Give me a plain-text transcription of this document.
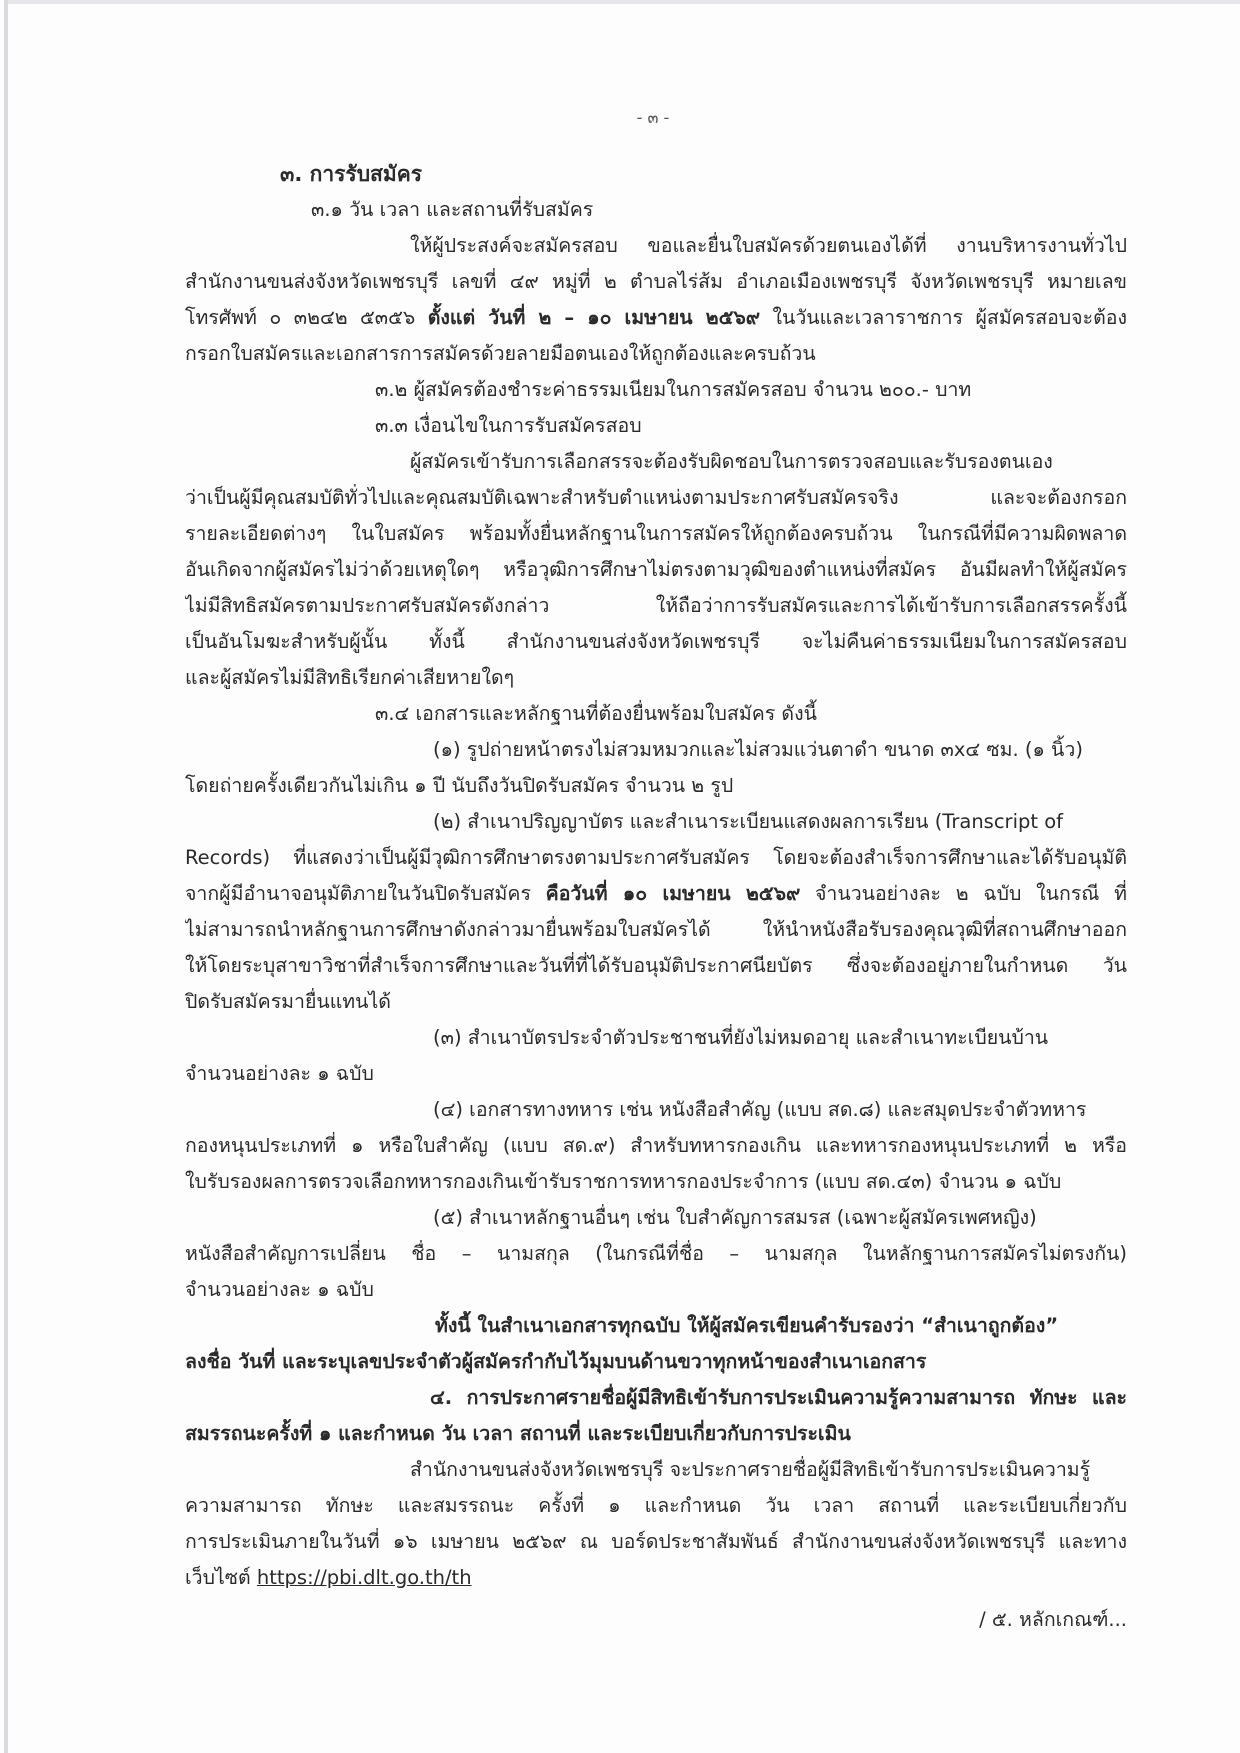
- ๓ -
๓. การรับสมัคร
๓.๑ วัน เวลา และสถานที่รับสมัคร
ให้ผู้ประสงค์จะสมัครสอบ ขอและยื่นใบสมัครด้วยตนเองได้ที่ งานบริหารงานทั่วไป
สำนักงานขนส่งจังหวัดเพชรบุรี เลขที่ ๔๙ หมู่ที่ ๒ ตำบลไร่ส้ม อำเภอเมืองเพชรบุรี จังหวัดเพชรบุรี หมายเลข
โทรศัพท์ ๐ ๓๒๔๒ ๕๓๕๖ ตั้งแต่ วันที่ ๒ – ๑๐ เมษายน ๒๕๖๙ ในวันและเวลาราชการ ผู้สมัครสอบจะต้อง
กรอกใบสมัครและเอกสารการสมัครด้วยลายมือตนเองให้ถูกต้องและครบถ้วน
๓.๒ ผู้สมัครต้องชำระค่าธรรมเนียมในการสมัครสอบ จำนวน ๒๐๐.- บาท
๓.๓ เงื่อนไขในการรับสมัครสอบ
ผู้สมัครเข้ารับการเลือกสรรจะต้องรับผิดชอบในการตรวจสอบและรับรองตนเอง
ว่าเป็นผู้มีคุณสมบัติทั่วไปและคุณสมบัติเฉพาะสำหรับตำแหน่งตามประกาศรับสมัครจริง และจะต้องกรอก
รายละเอียดต่างๆ ในใบสมัคร พร้อมทั้งยื่นหลักฐานในการสมัครให้ถูกต้องครบถ้วน ในกรณีที่มีความผิดพลาด
อันเกิดจากผู้สมัครไม่ว่าด้วยเหตุใดๆ หรือวุฒิการศึกษาไม่ตรงตามวุฒิของตำแหน่งที่สมัคร อันมีผลทำให้ผู้สมัคร
ไม่มีสิทธิสมัครตามประกาศรับสมัครดังกล่าว ให้ถือว่าการรับสมัครและการได้เข้ารับการเลือกสรรครั้งนี้
เป็นอันโมฆะสำหรับผู้นั้น ทั้งนี้ สำนักงานขนส่งจังหวัดเพชรบุรี จะไม่คืนค่าธรรมเนียมในการสมัครสอบ
และผู้สมัครไม่มีสิทธิเรียกค่าเสียหายใดๆ
๓.๔ เอกสารและหลักฐานที่ต้องยื่นพร้อมใบสมัคร ดังนี้
(๑) รูปถ่ายหน้าตรงไม่สวมหมวกและไม่สวมแว่นตาดำ ขนาด ๓x๔ ซม. (๑ นิ้ว)
โดยถ่ายครั้งเดียวกันไม่เกิน ๑ ปี นับถึงวันปิดรับสมัคร จำนวน ๒ รูป
(๒) สำเนาปริญญาบัตร และสำเนาระเบียนแสดงผลการเรียน (Transcript of
Records) ที่แสดงว่าเป็นผู้มีวุฒิการศึกษาตรงตามประกาศรับสมัคร โดยจะต้องสำเร็จการศึกษาและได้รับอนุมัติ
จากผู้มีอำนาจอนุมัติภายในวันปิดรับสมัคร คือวันที่ ๑๐ เมษายน ๒๕๖๙ จำนวนอย่างละ ๒ ฉบับ ในกรณี ที่
ไม่สามารถนำหลักฐานการศึกษาดังกล่าวมายื่นพร้อมใบสมัครได้ ให้นำหนังสือรับรองคุณวุฒิที่สถานศึกษาออก
ให้โดยระบุสาขาวิชาที่สำเร็จการศึกษาและวันที่ที่ได้รับอนุมัติประกาศนียบัตร ซึ่งจะต้องอยู่ภายในกำหนด วัน
ปิดรับสมัครมายื่นแทนได้
(๓) สำเนาบัตรประจำตัวประชาชนที่ยังไม่หมดอายุ และสำเนาทะเบียนบ้าน
จำนวนอย่างละ ๑ ฉบับ
(๔) เอกสารทางทหาร เช่น หนังสือสำคัญ (แบบ สด.๘) และสมุดประจำตัวทหาร
กองหนุนประเภทที่ ๑ หรือใบสำคัญ (แบบ สด.๙) สำหรับทหารกองเกิน และทหารกองหนุนประเภทที่ ๒ หรือ
ใบรับรองผลการตรวจเลือกทหารกองเกินเข้ารับราชการทหารกองประจำการ (แบบ สด.๔๓) จำนวน ๑ ฉบับ
(๕) สำเนาหลักฐานอื่นๆ เช่น ใบสำคัญการสมรส (เฉพาะผู้สมัครเพศหญิง)
หนังสือสำคัญการเปลี่ยน ชื่อ – นามสกุล (ในกรณีที่ชื่อ – นามสกุล ในหลักฐานการสมัครไม่ตรงกัน)
จำนวนอย่างละ ๑ ฉบับ
ทั้งนี้ ในสำเนาเอกสารทุกฉบับ ให้ผู้สมัครเขียนคำรับรองว่า “สำเนาถูกต้อง”
ลงชื่อ วันที่ และระบุเลขประจำตัวผู้สมัครกำกับไว้มุมบนด้านขวาทุกหน้าของสำเนาเอกสาร
๔. การประกาศรายชื่อผู้มีสิทธิเข้ารับการประเมินความรู้ความสามารถ ทักษะ และ
สมรรถนะครั้งที่ ๑ และกำหนด วัน เวลา สถานที่ และระเบียบเกี่ยวกับการประเมิน
สำนักงานขนส่งจังหวัดเพชรบุรี จะประกาศรายชื่อผู้มีสิทธิเข้ารับการประเมินความรู้
ความสามารถ ทักษะ และสมรรถนะ ครั้งที่ ๑ และกำหนด วัน เวลา สถานที่ และระเบียบเกี่ยวกับ
การประเมินภายในวันที่ ๑๖ เมษายน ๒๕๖๙ ณ บอร์ดประชาสัมพันธ์ สำนักงานขนส่งจังหวัดเพชรบุรี และทาง
เว็บไซต์ https://pbi.dlt.go.th/th
/ ๕. หลักเกณฑ์...
